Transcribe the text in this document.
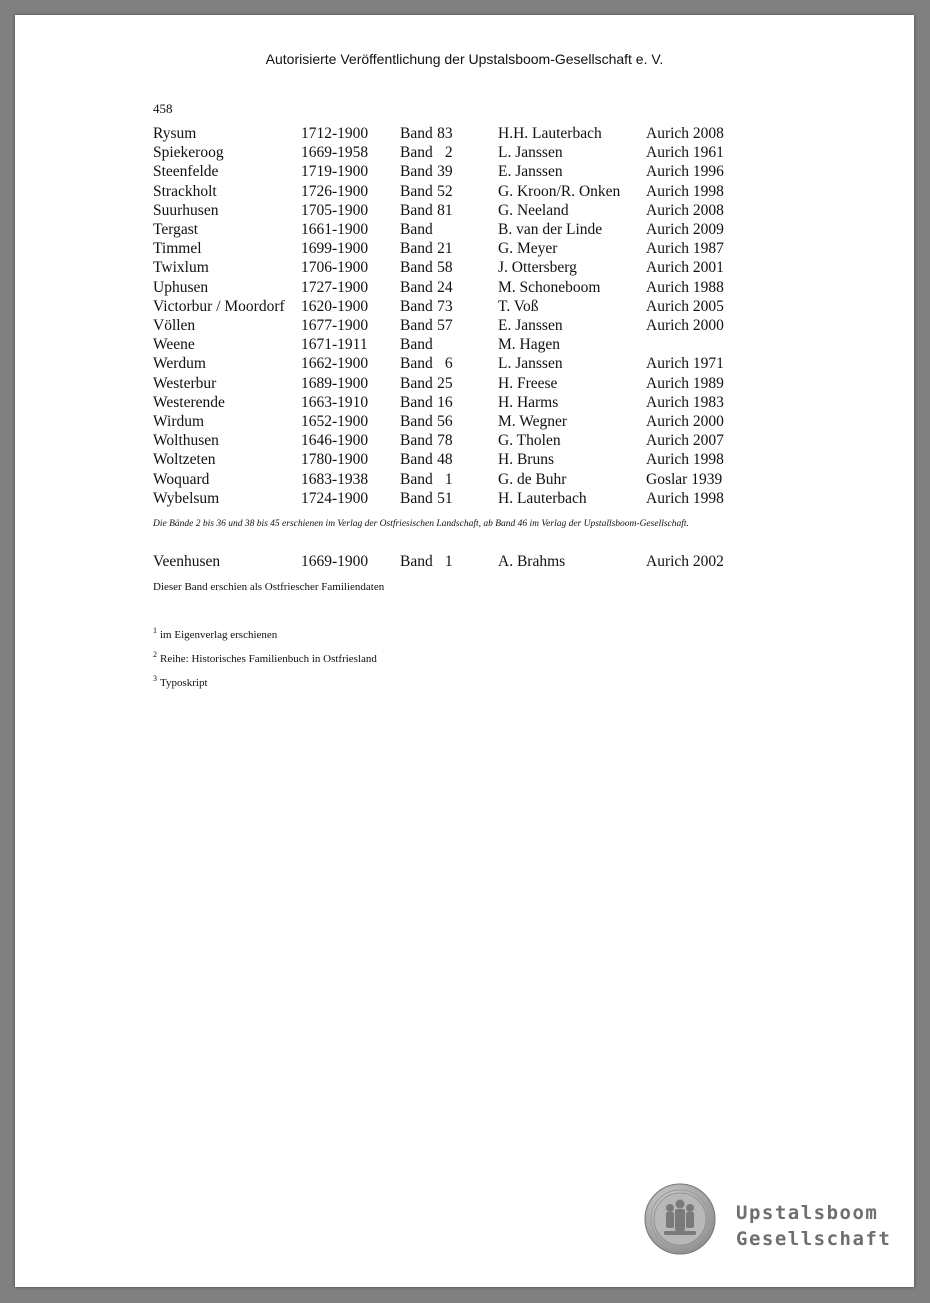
Autorisierte Veröffentlichung der Upstalsboom-Gesellschaft e. V.
458
Rysum	1712-1900	Band 83	H.H. Lauterbach	Aurich 2008
Spiekeroog	1669-1958	Band 2	L. Janssen	Aurich 1961
Steenfelde	1719-1900	Band 39	E. Janssen	Aurich 1996
Strackholt	1726-1900	Band 52	G. Kroon/R. Onken	Aurich 1998
Suurhusen	1705-1900	Band 81	G. Neeland	Aurich 2008
Tergast	1661-1900	Band	B. van der Linde	Aurich 2009
Timmel	1699-1900	Band 21	G. Meyer	Aurich 1987
Twixlum	1706-1900	Band 58	J. Ottersberg	Aurich 2001
Uphusen	1727-1900	Band 24	M. Schoneboom	Aurich 1988
Victorbur / Moordorf	1620-1900	Band 73	T. Voß	Aurich 2005
Völlen	1677-1900	Band 57	E. Janssen	Aurich 2000
Weene	1671-1911	Band	M. Hagen	
Werdum	1662-1900	Band 6	L. Janssen	Aurich 1971
Westerbur	1689-1900	Band 25	H. Freese	Aurich 1989
Westerende	1663-1910	Band 16	H. Harms	Aurich 1983
Wirdum	1652-1900	Band 56	M. Wegner	Aurich 2000
Wolthusen	1646-1900	Band 78	G. Tholen	Aurich 2007
Woltzeten	1780-1900	Band 48	H. Bruns	Aurich 1998
Woquard	1683-1938	Band 1	G. de Buhr	Goslar 1939
Wybelsum	1724-1900	Band 51	H. Lauterbach	Aurich 1998
Die Bände 2 bis 36 und 38 bis 45 erschienen im Verlag der Ostfriesischen Landschaft, ab Band 46 im Verlag der Upstallsboom-Gesellschaft.
Veenhusen	1669-1900	Band 1	A. Brahms	Aurich 2002
Dieser Band erschien als Ostfriescher Familiendaten
$^1$ im Eigenverlag erschienen
$^2$ Reihe: Historisches Familienbuch in Ostfriesland
$^3$ Typoskript
Upstalsboom
Gesellschaft
